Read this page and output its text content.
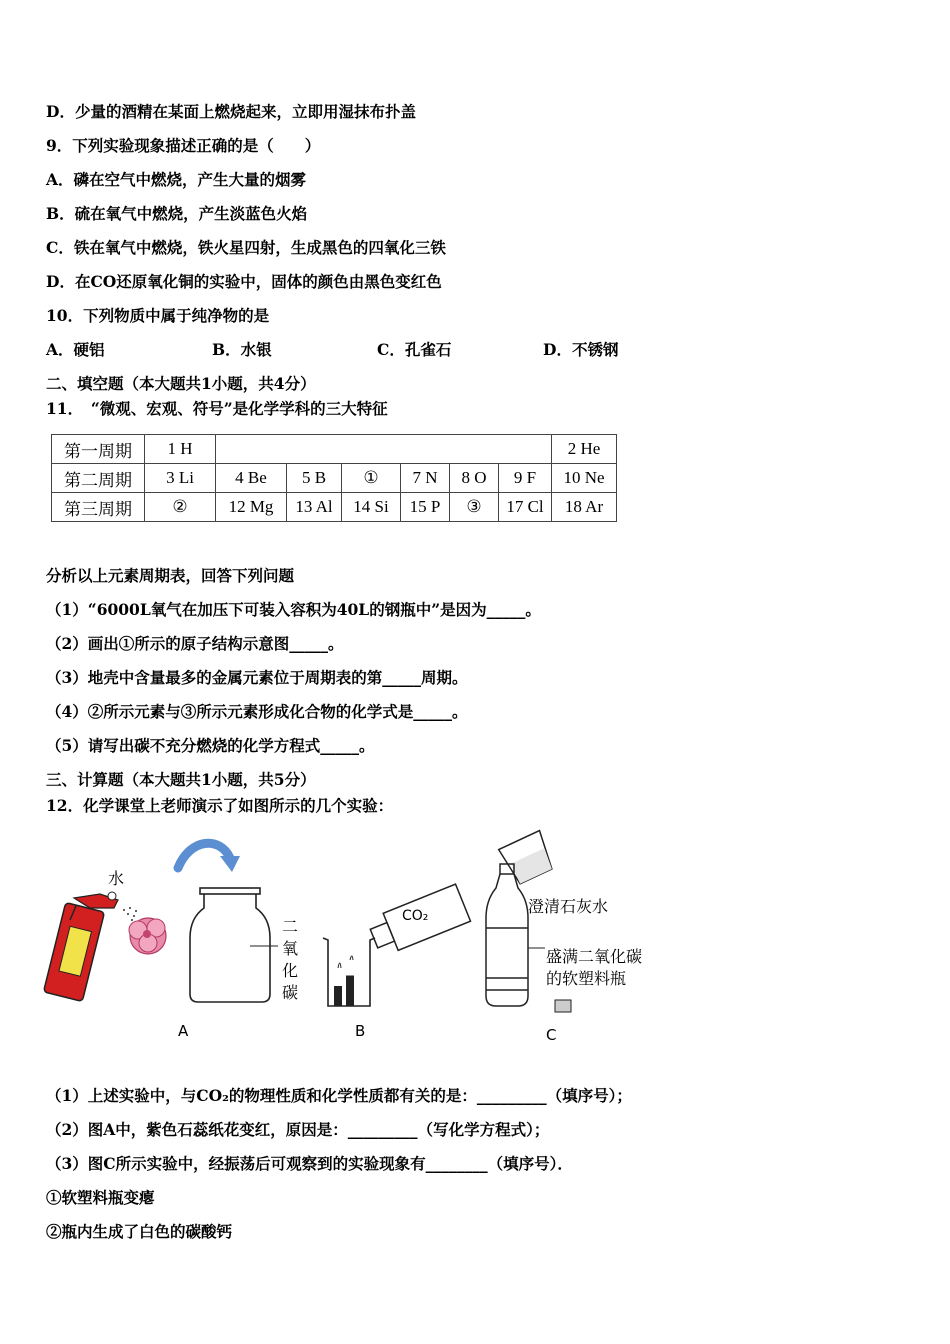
D．少量的酒精在某面上燃烧起来，立即用湿抹布扑盖
9．下列实验现象描述正确的是（　　）
A．磷在空气中燃烧，产生大量的烟雾
B．硫在氧气中燃烧，产生淡蓝色火焰
C．铁在氧气中燃烧，铁火星四射，生成黑色的四氧化三铁
D．在CO还原氧化铜的实验中，固体的颜色由黑色变红色
10．下列物质中属于纯净物的是
A．硬铝	B．水银	C．孔雀石	D．不锈钢
二、填空题（本大题共1小题，共4分）
11．　“微观、宏观、符号”是化学学科的三大特征
第一周期	1 H							2 He
第二周期	3 Li	4 Be	5 B	①	7 N	8 O	9 F	10 Ne
第三周期	②	12 Mg	13 Al	14 Si	15 P	③	17 Cl	18 Ar
分析以上元素周期表，回答下列问题
（1）“6000L氧气在加压下可装入容积为40L的钢瓶中”是因为_____。
（2）画出①所示的原子结构示意图_____。
（3）地壳中含量最多的金属元素位于周期表的第_____周期。
（4）②所示元素与③所示元素形成化合物的化学式是_____。
（5）请写出碳不充分燃烧的化学方程式_____。
三、计算题（本大题共1小题，共5分）
12．化学课堂上老师演示了如图所示的几个实验：
水
二
氧
化
碳
A
CO₂
B
澄清石灰水
盛满二氧化碳
的软塑料瓶
C
（1）上述实验中，与CO₂的物理性质和化学性质都有关的是：_________（填序号）；
（2）图A中，紫色石蕊纸花变红，原因是：_________（写化学方程式）；
（3）图C所示实验中，经振荡后可观察到的实验现象有________（填序号）．
①软塑料瓶变瘪
②瓶内生成了白色的碳酸钙
